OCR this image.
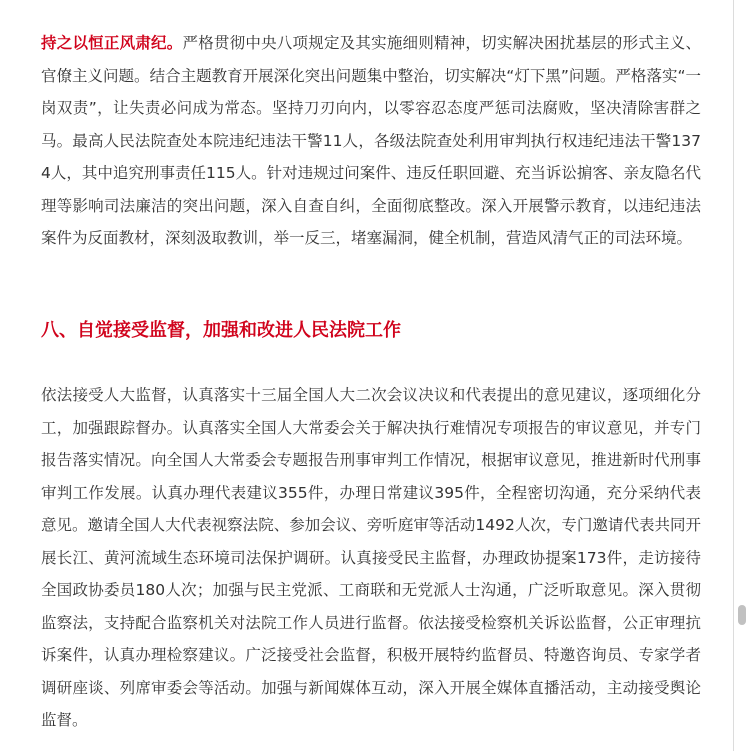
持之以恒正风肃纪。严格贯彻中央八项规定及其实施细则精神，切实解决困扰基层的形式主义、官僚主义问题。结合主题教育开展深化突出问题集中整治，切实解决“灯下黑”问题。严格落实“一岗双责”，让失责必问成为常态。坚持刀刃向内，以零容忍态度严惩司法腐败，坚决清除害群之马。最高人民法院查处本院违纪违法干警11人，各级法院查处利用审判执行权违纪违法干警1374人，其中追究刑事责任115人。针对违规过问案件、违反任职回避、充当诉讼掮客、亲友隐名代理等影响司法廉洁的突出问题，深入自查自纠，全面彻底整改。深入开展警示教育，以违纪违法案件为反面教材，深刻汲取教训，举一反三，堵塞漏洞，健全机制，营造风清气正的司法环境。

八、自觉接受监督，加强和改进人民法院工作

依法接受人大监督，认真落实十三届全国人大二次会议决议和代表提出的意见建议，逐项细化分工，加强跟踪督办。认真落实全国人大常委会关于解决执行难情况专项报告的审议意见，并专门报告落实情况。向全国人大常委会专题报告刑事审判工作情况，根据审议意见，推进新时代刑事审判工作发展。认真办理代表建议355件，办理日常建议395件，全程密切沟通，充分采纳代表意见。邀请全国人大代表视察法院、参加会议、旁听庭审等活动1492人次，专门邀请代表共同开展长江、黄河流域生态环境司法保护调研。认真接受民主监督，办理政协提案173件，走访接待全国政协委员180人次；加强与民主党派、工商联和无党派人士沟通，广泛听取意见。深入贯彻监察法，支持配合监察机关对法院工作人员进行监督。依法接受检察机关诉讼监督，公正审理抗诉案件，认真办理检察建议。广泛接受社会监督，积极开展特约监督员、特邀咨询员、专家学者调研座谈、列席审委会等活动。加强与新闻媒体互动，深入开展全媒体直播活动，主动接受舆论监督。
